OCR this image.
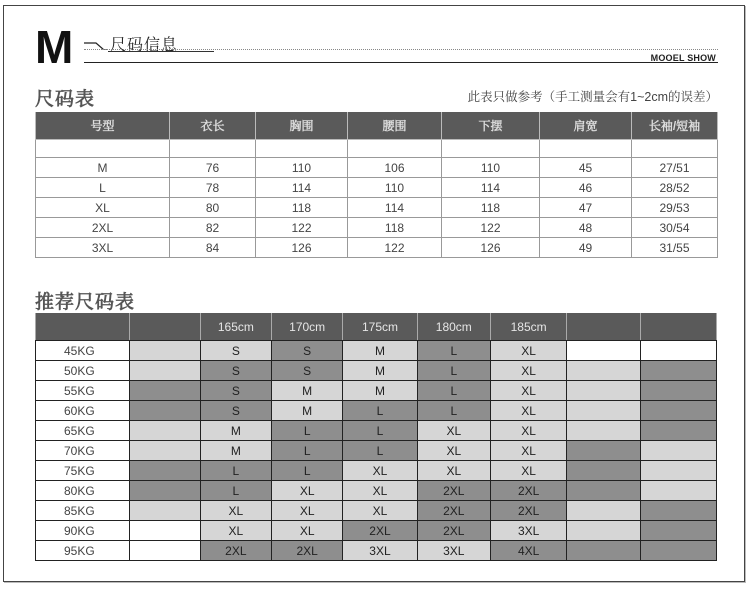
M 尺码信息
MOOEL SHOW
尺码表	此表只做参考（手工测量会有1~2cm的误差）
号型	衣长	胸围	腰围	下摆	肩宽	长袖/短袖

M	76	110	106	110	45	27/51
L	78	114	110	114	46	28/52
XL	80	118	114	118	47	29/53
2XL	82	122	118	122	48	30/54
3XL	84	126	122	126	49	31/55
推荐尺码表
		165cm	170cm	175cm	180cm	185cm		
45KG		S	S	M	L	XL		
50KG		S	S	M	L	XL		
55KG		S	M	M	L	XL		
60KG		S	M	L	L	XL		
65KG		M	L	L	XL	XL		
70KG		M	L	L	XL	XL		
75KG		L	L	XL	XL	XL		
80KG		L	XL	XL	2XL	2XL		
85KG		XL	XL	XL	2XL	2XL		
90KG		XL	XL	2XL	2XL	3XL		
95KG		2XL	2XL	3XL	3XL	4XL		
